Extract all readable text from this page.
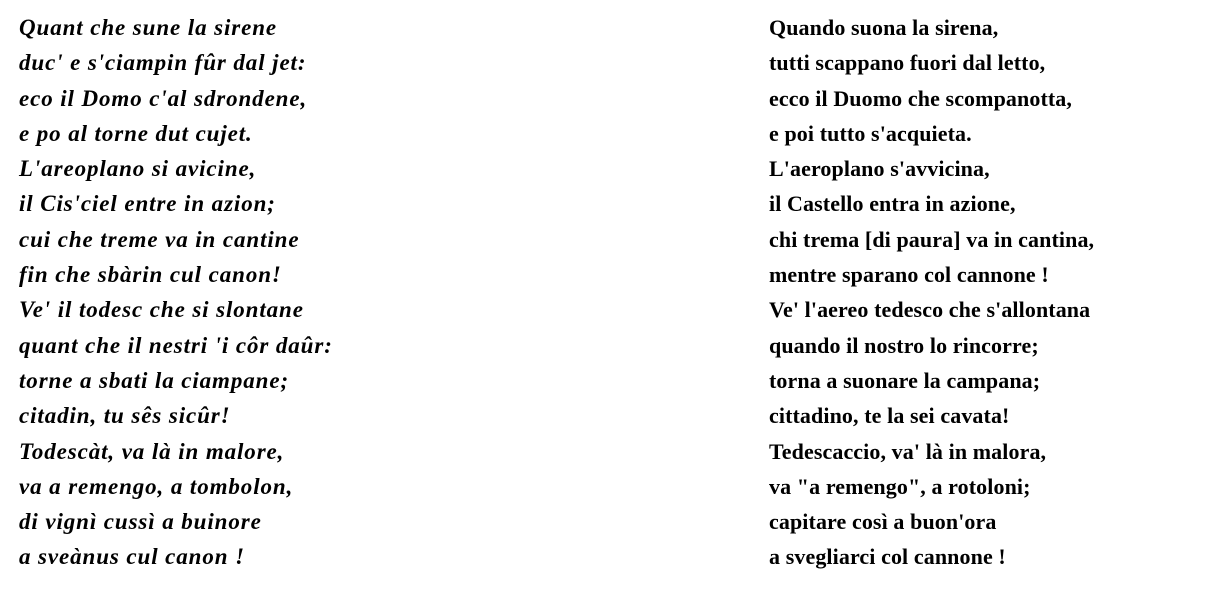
Quant che sune la sirene
duc' e s'ciampin fûr dal jet:
eco il Domo c'al sdrondene,
e po al torne dut cujet.
L'areoplano si avicine,
il Cis'ciel entre in azion;
cui che treme va in cantine
fin che sbàrin cul canon!
Ve' il todesc che si slontane
quant che il nestri 'i côr daûr:
torne a sbati la ciampane;
citadin, tu sês sicûr!
Todescàt, va là in malore,
va a remengo, a tombolon,
di vignì cussì a buinore
a sveànus cul canon !
Quando suona la sirena,
tutti scappano fuori dal letto,
ecco il Duomo che scompanotta,
e poi tutto s'acquieta.
L'aeroplano s'avvicina,
il Castello entra in azione,
chi trema [di paura] va in cantina,
mentre sparano col cannone !
Ve' l'aereo tedesco che s'allontana
quando il nostro lo rincorre;
torna a suonare la campana;
cittadino, te la sei cavata!
Tedescaccio, va' là in malora,
va "a remengo", a rotoloni;
capitare così a buon'ora
a svegliarci col cannone !
